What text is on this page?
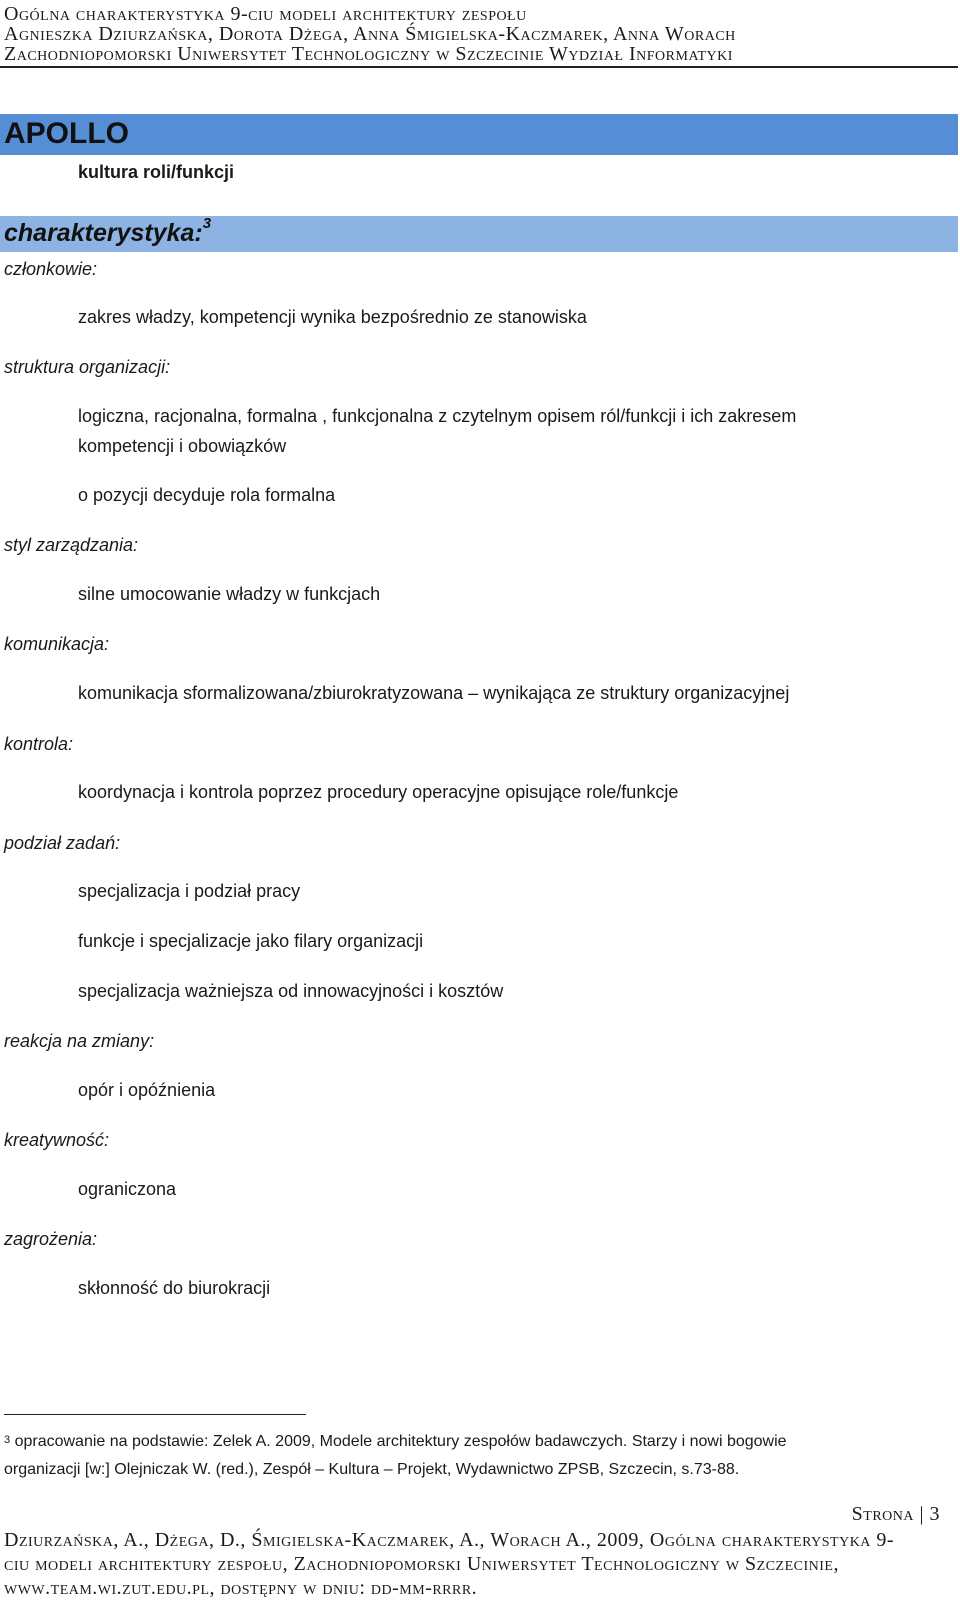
Ogólna charakterystyka 9-ciu modeli architektury zespołu
Agnieszka Dziurzańska, Dorota Dżega, Anna Śmigielska-Kaczmarek, Anna Worach
Zachodniopomorski Uniwersytet Technologiczny w Szczecinie Wydział Informatyki
APOLLO
kultura roli/funkcji
charakterystyka:$^3$
członkowie:
zakres władzy, kompetencji wynika bezpośrednio ze stanowiska
struktura organizacji:
logiczna, racjonalna, formalna , funkcjonalna z czytelnym opisem ról/funkcji i ich zakresem
kompetencji i obowiązków
o pozycji decyduje rola formalna
styl zarządzania:
silne umocowanie władzy w funkcjach
komunikacja:
komunikacja sformalizowana/zbiurokratyzowana – wynikająca ze struktury organizacyjnej
kontrola:
koordynacja i kontrola poprzez procedury operacyjne opisujące role/funkcje
podział zadań:
specjalizacja i podział pracy
funkcje i specjalizacje jako filary organizacji
specjalizacja ważniejsza od innowacyjności i kosztów
reakcja na zmiany:
opór i opóźnienia
kreatywność:
ograniczona
zagrożenia:
skłonność do biurokracji
$^3$ opracowanie na podstawie: Zelek A. 2009, Modele architektury zespołów badawczych. Starzy i nowi bogowie
organizacji [w:] Olejniczak W. (red.), Zespół – Kultura – Projekt, Wydawnictwo ZPSB, Szczecin, s.73-88.
Strona | 3
Dziurzańska, A., Dżega, D., Śmigielska-Kaczmarek, A., Worach A., 2009, Ogólna charakterystyka 9-
ciu modeli architektury zespołu, Zachodniopomorski Uniwersytet Technologiczny w Szczecinie,
www.team.wi.zut.edu.pl, dostępny w dniu: dd-mm-rrrr.
